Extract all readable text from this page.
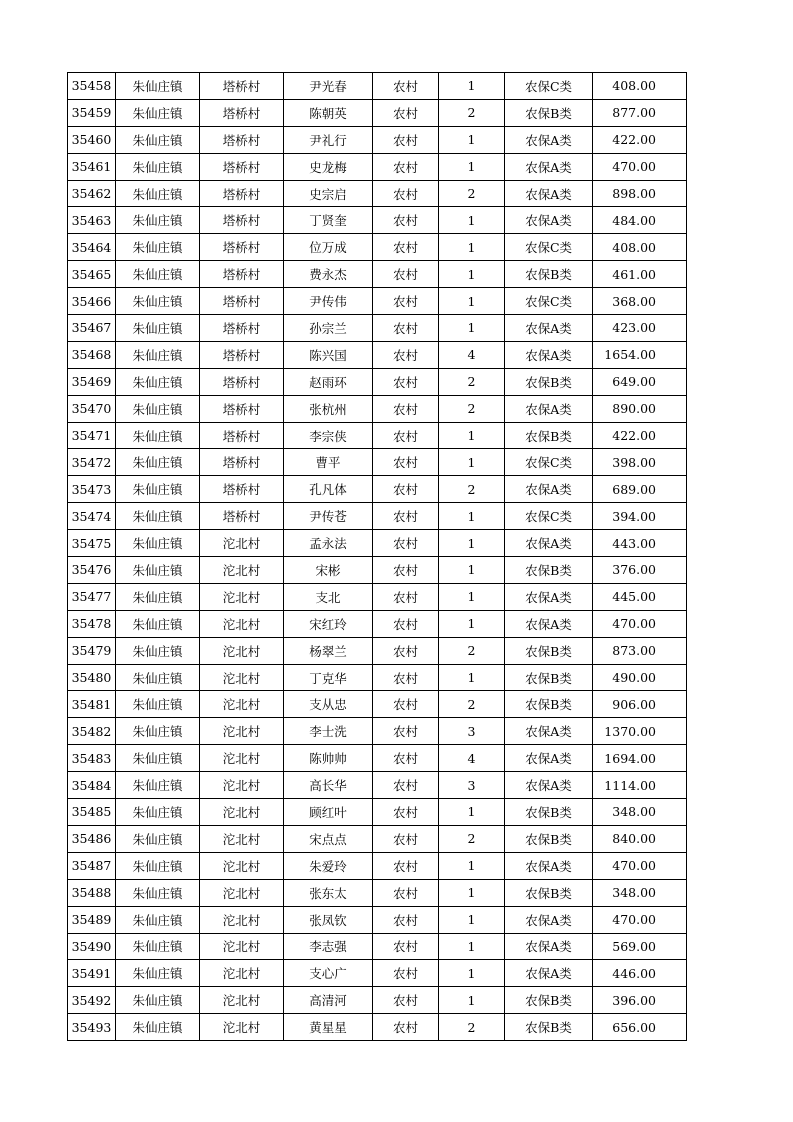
35458	朱仙庄镇	塔桥村	尹光春	农村	1	农保C类	408.00
35459	朱仙庄镇	塔桥村	陈朝英	农村	2	农保B类	877.00
35460	朱仙庄镇	塔桥村	尹礼行	农村	1	农保A类	422.00
35461	朱仙庄镇	塔桥村	史龙梅	农村	1	农保A类	470.00
35462	朱仙庄镇	塔桥村	史宗启	农村	2	农保A类	898.00
35463	朱仙庄镇	塔桥村	丁贤奎	农村	1	农保A类	484.00
35464	朱仙庄镇	塔桥村	位万成	农村	1	农保C类	408.00
35465	朱仙庄镇	塔桥村	费永杰	农村	1	农保B类	461.00
35466	朱仙庄镇	塔桥村	尹传伟	农村	1	农保C类	368.00
35467	朱仙庄镇	塔桥村	孙宗兰	农村	1	农保A类	423.00
35468	朱仙庄镇	塔桥村	陈兴国	农村	4	农保A类	1654.00
35469	朱仙庄镇	塔桥村	赵雨环	农村	2	农保B类	649.00
35470	朱仙庄镇	塔桥村	张杭州	农村	2	农保A类	890.00
35471	朱仙庄镇	塔桥村	李宗侠	农村	1	农保B类	422.00
35472	朱仙庄镇	塔桥村	曹平	农村	1	农保C类	398.00
35473	朱仙庄镇	塔桥村	孔凡体	农村	2	农保A类	689.00
35474	朱仙庄镇	塔桥村	尹传苍	农村	1	农保C类	394.00
35475	朱仙庄镇	沱北村	孟永法	农村	1	农保A类	443.00
35476	朱仙庄镇	沱北村	宋彬	农村	1	农保B类	376.00
35477	朱仙庄镇	沱北村	支北	农村	1	农保A类	445.00
35478	朱仙庄镇	沱北村	宋红玲	农村	1	农保A类	470.00
35479	朱仙庄镇	沱北村	杨翠兰	农村	2	农保B类	873.00
35480	朱仙庄镇	沱北村	丁克华	农村	1	农保B类	490.00
35481	朱仙庄镇	沱北村	支从忠	农村	2	农保B类	906.00
35482	朱仙庄镇	沱北村	李士洗	农村	3	农保A类	1370.00
35483	朱仙庄镇	沱北村	陈帅帅	农村	4	农保A类	1694.00
35484	朱仙庄镇	沱北村	高长华	农村	3	农保A类	1114.00
35485	朱仙庄镇	沱北村	顾红叶	农村	1	农保B类	348.00
35486	朱仙庄镇	沱北村	宋点点	农村	2	农保B类	840.00
35487	朱仙庄镇	沱北村	朱爱玲	农村	1	农保A类	470.00
35488	朱仙庄镇	沱北村	张东太	农村	1	农保B类	348.00
35489	朱仙庄镇	沱北村	张凤钦	农村	1	农保A类	470.00
35490	朱仙庄镇	沱北村	李志强	农村	1	农保A类	569.00
35491	朱仙庄镇	沱北村	支心广	农村	1	农保A类	446.00
35492	朱仙庄镇	沱北村	高清河	农村	1	农保B类	396.00
35493	朱仙庄镇	沱北村	黄星星	农村	2	农保B类	656.00
